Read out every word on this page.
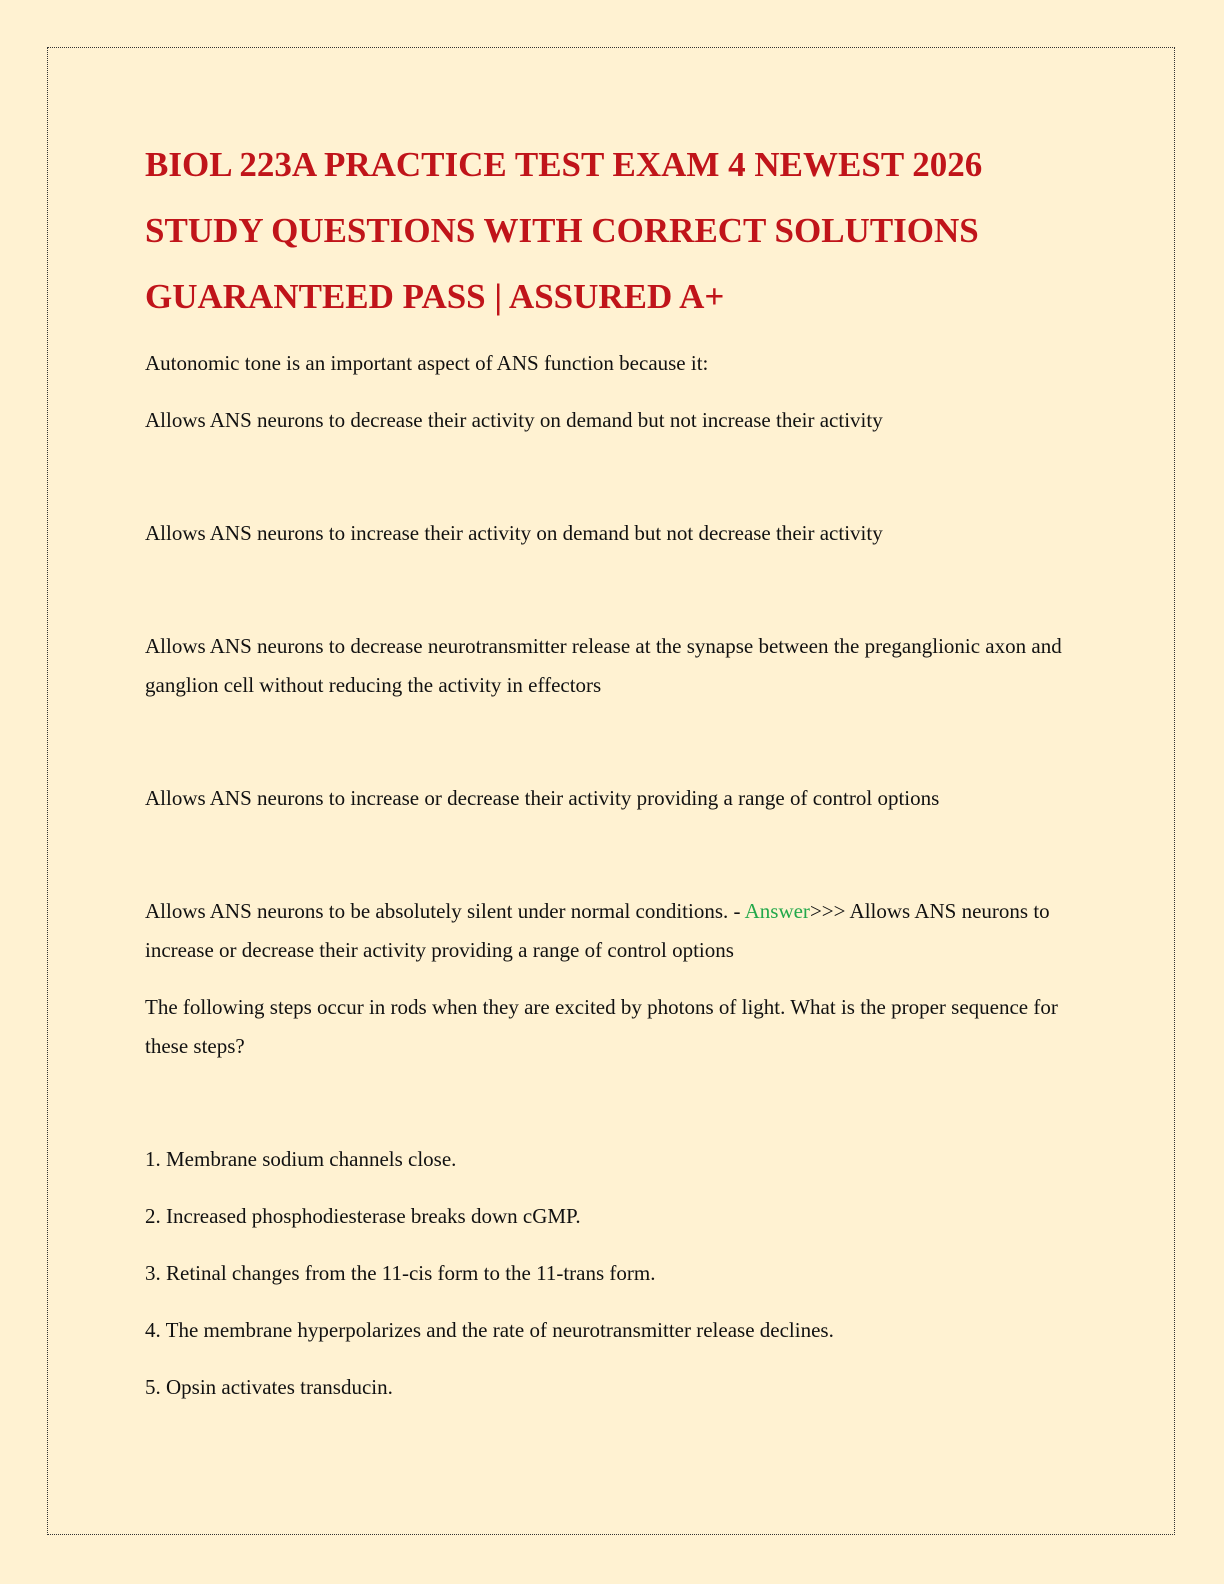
BIOL 223A PRACTICE TEST EXAM 4 NEWEST 2026 STUDY QUESTIONS WITH CORRECT SOLUTIONS GUARANTEED PASS | ASSURED A+

Autonomic tone is an important aspect of ANS function because it:

Allows ANS neurons to decrease their activity on demand but not increase their activity

Allows ANS neurons to increase their activity on demand but not decrease their activity

Allows ANS neurons to decrease neurotransmitter release at the synapse between the preganglionic axon and ganglion cell without reducing the activity in effectors

Allows ANS neurons to increase or decrease their activity providing a range of control options

Allows ANS neurons to be absolutely silent under normal conditions. - Answer>>> Allows ANS neurons to increase or decrease their activity providing a range of control options

The following steps occur in rods when they are excited by photons of light. What is the proper sequence for these steps?

1. Membrane sodium channels close.

2. Increased phosphodiesterase breaks down cGMP.

3. Retinal changes from the 11-cis form to the 11-trans form.

4. The membrane hyperpolarizes and the rate of neurotransmitter release declines.

5. Opsin activates transducin.
